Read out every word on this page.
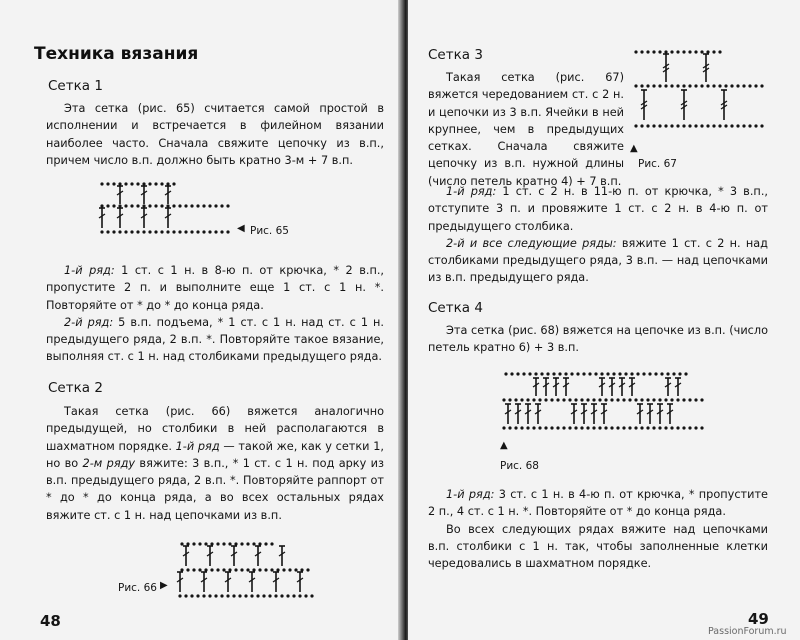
Техника вязания
Сетка 1

Эта сетка (рис. 65) считается самой простой в исполнении и встречается в филейном вязании наиболее часто. Сначала свяжите цепочку из в.п., причем число в.п. должно быть кратно 3-м + 7 в.п.

◀ Рис. 65

1-й ряд: 1 ст. с 1 н. в 8-ю п. от крючка, * 2 в.п., пропустите 2 п. и выполните еще 1 ст. с 1 н. *. Повторяйте от * до * до конца ряда.

2-й ряд: 5 в.п. подъема, * 1 ст. с 1 н. над ст. с 1 н. предыдущего ряда, 2 в.п. *. Повторяйте такое вязание, выполняя ст. с 1 н. над столбиками предыдущего ряда.

Сетка 2

Такая сетка (рис. 66) вяжется аналогично предыдущей, но столбики в ней располагаются в шахматном порядке. 1-й ряд — такой же, как у сетки 1, но во 2-м ряду вяжите: 3 в.п., * 1 ст. с 1 н. под арку из в.п. предыдущего ряда, 2 в.п. *. Повторяйте раппорт от * до * до конца ряда, а во всех остальных рядах вяжите ст. с 1 н. над цепочками из в.п.

Рис. 66 ▶
48
Сетка 3

Такая сетка (рис. 67) вяжется чередованием ст. с 2 н. и цепочки из 3 в.п. Ячейки в ней крупнее, чем в предыдущих сетках. Сначала свяжите цепочку из в.п. нужной длины (число петель кратно 4) + 7 в.п.

▲
Рис. 67

1-й ряд: 1 ст. с 2 н. в 11-ю п. от крючка, * 3 в.п., отступите 3 п. и провяжите 1 ст. с 2 н. в 4-ю п. от предыдущего столбика.

2-й и все следующие ряды: вяжите 1 ст. с 2 н. над столбиками предыдущего ряда, 3 в.п. — над цепочками из в.п. предыдущего ряда.

Сетка 4

Эта сетка (рис. 68) вяжется на цепочке из в.п. (число петель кратно 6) + 3 в.п.

▲
Рис. 68

1-й ряд: 3 ст. с 1 н. в 4-ю п. от крючка, * пропустите 2 п., 4 ст. с 1 н. *. Повторяйте от * до конца ряда.

Во всех следующих рядах вяжите над цепочками в.п. столбики с 1 н. так, чтобы заполненные клетки чередовались в шахматном порядке.

49
PassionForum.ru
